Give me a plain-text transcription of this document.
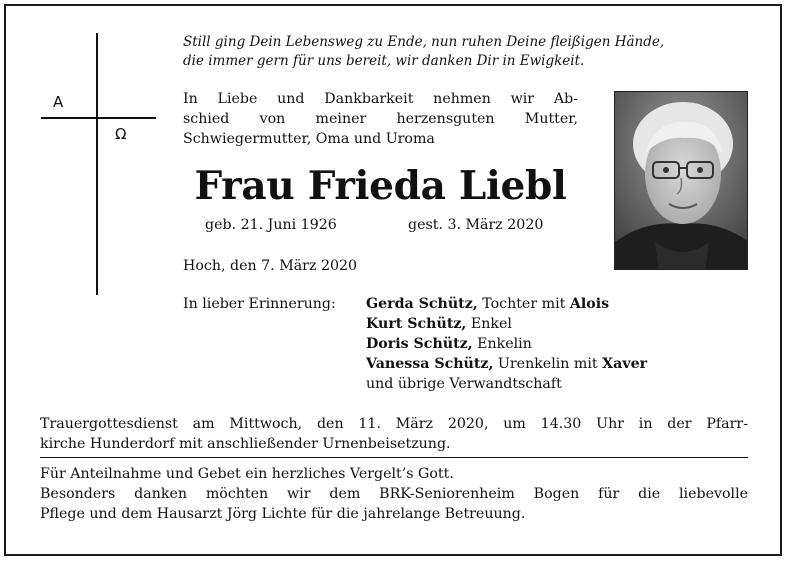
A
Ω
Still ging Dein Lebensweg zu Ende, nun ruhen Deine fleißigen Hände,
die immer gern für uns bereit, wir danken Dir in Ewigkeit.
In Liebe und Dankbarkeit nehmen wir Ab-
schied von meiner herzensguten Mutter,
Schwiegermutter, Oma und Uroma
Frau Frieda Liebl
geb. 21. Juni 1926	gest. 3. März 2020
Hoch, den 7. März 2020
In lieber Erinnerung: Gerda Schütz, Tochter mit Alois
Kurt Schütz, Enkel
Doris Schütz, Enkelin
Vanessa Schütz, Urenkelin mit Xaver
und übrige Verwandtschaft
Trauergottesdienst am Mittwoch, den 11. März 2020, um 14.30 Uhr in der Pfarr-
kirche Hunderdorf mit anschließender Urnenbeisetzung.
Für Anteilnahme und Gebet ein herzliches Vergelt’s Gott.
Besonders danken möchten wir dem BRK-Seniorenheim Bogen für die liebevolle
Pflege und dem Hausarzt Jörg Lichte für die jahrelange Betreuung.
